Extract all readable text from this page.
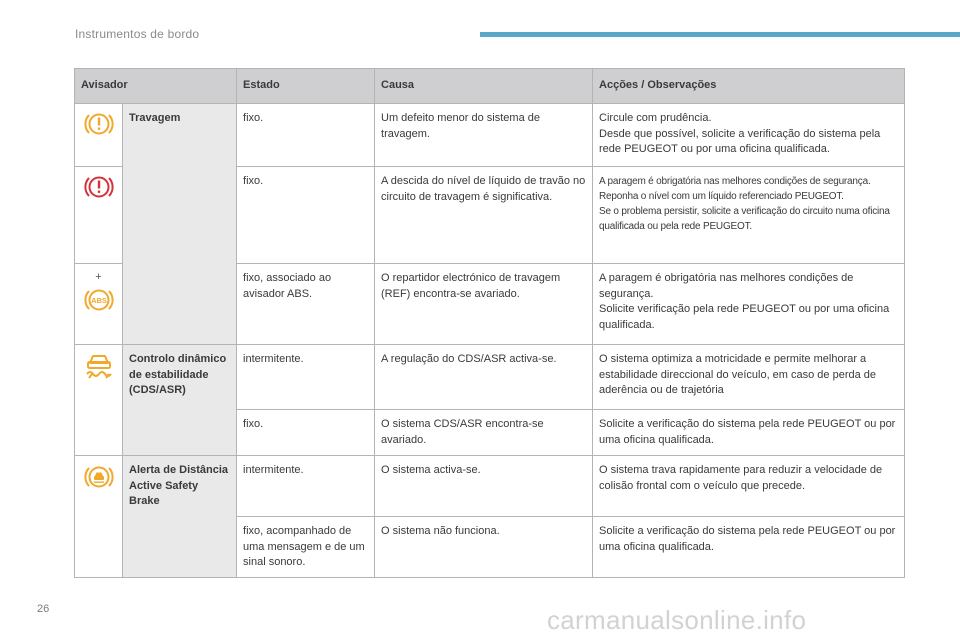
Instrumentos de bordo
Avisador		Estado	Causa	Acções / Observações
	Travagem	fixo.	Um defeito menor do sistema de travagem.	Circule com prudência.
Desde que possível, solicite a verificação do sistema pela rede PEUGEOT ou por uma oficina qualificada.

	fixo.	A descida do nível de líquido de travão no circuito de travagem é significativa.	A paragem é obrigatória nas melhores condições de segurança.
Reponha o nível com um líquido referenciado PEUGEOT.
Se o problema persistir, solicite a verificação do circuito numa oficina qualificada ou pela rede PEUGEOT.

+
ABS		fixo, associado ao avisador ABS.	O repartidor electrónico de travagem (REF) encontra-se avariado.	A paragem é obrigatória nas melhores condições de segurança.
Solicite verificação pela rede PEUGEOT ou por uma oficina qualificada.

	Controlo dinâmico de estabilidade (CDS/ASR)	intermitente.	A regulação do CDS/ASR activa-se.	O sistema optimiza a motricidade e permite melhorar a estabilidade direccional do veículo, em caso de perda de aderência ou de trajetória
		fixo.	O sistema CDS/ASR encontra-se avariado.	Solicite a verificação do sistema pela rede PEUGEOT ou por uma oficina qualificada.
	Alerta de Distância Active Safety Brake	intermitente.	O sistema activa-se.	O sistema trava rapidamente para reduzir a velocidade de colisão frontal com o veículo que precede.
		fixo, acompanhado de uma mensagem e de um sinal sonoro.	O sistema não funciona.	Solicite a verificação do sistema pela rede PEUGEOT ou por uma oficina qualificada.
26	carmanualsonline.info
